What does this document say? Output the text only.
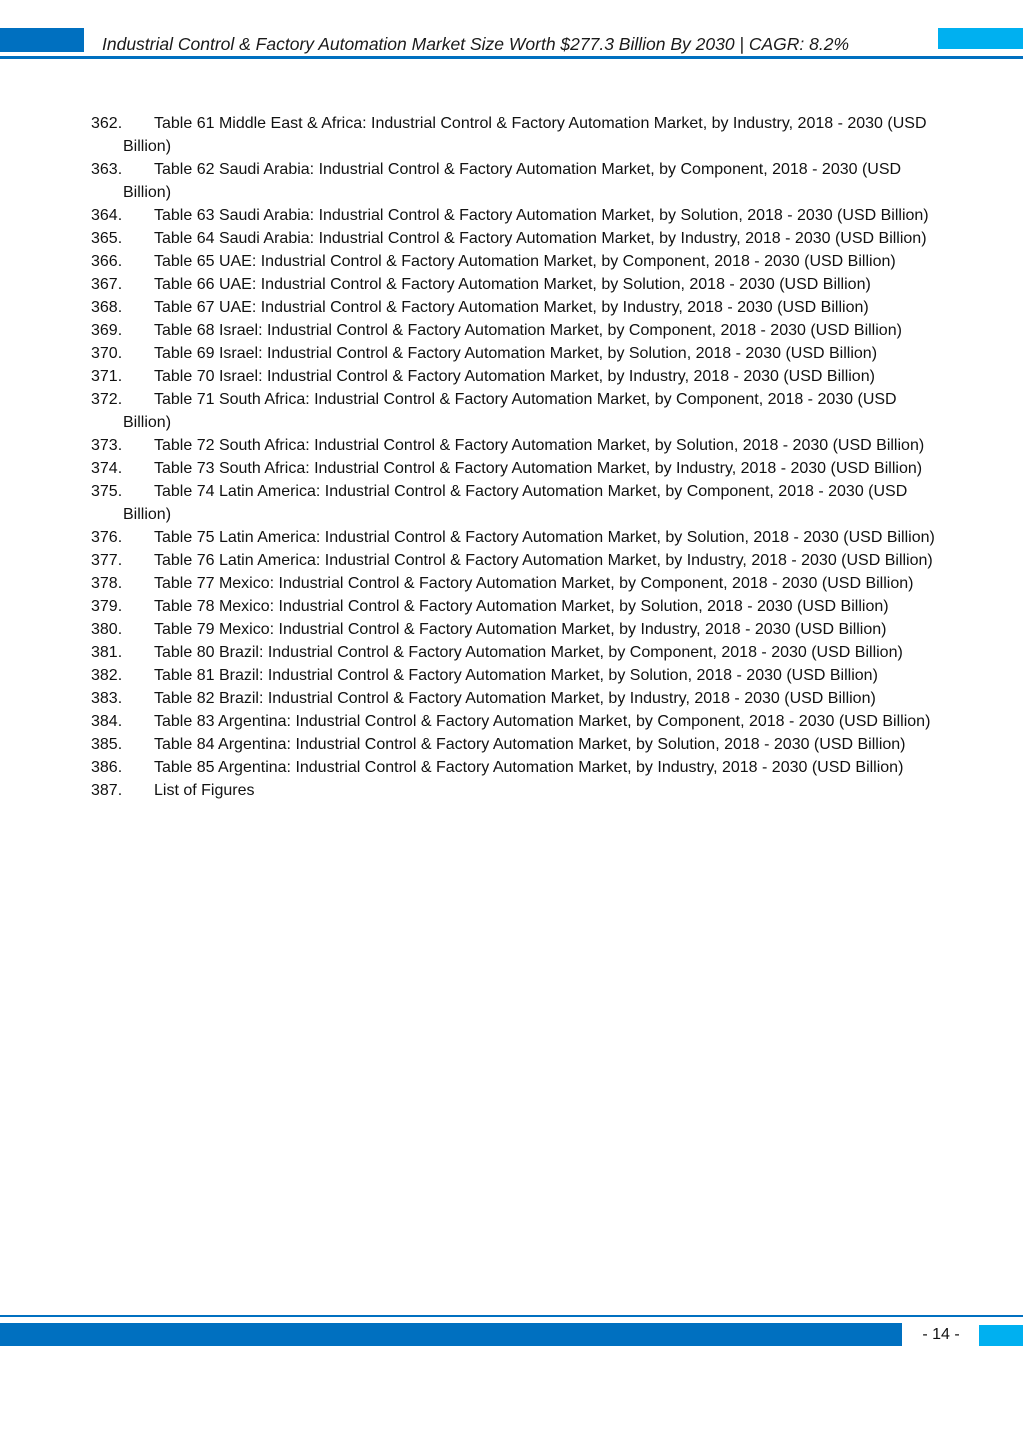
Industrial Control & Factory Automation Market Size Worth $277.3 Billion By 2030 | CAGR: 8.2%
362. Table 61 Middle East & Africa: Industrial Control & Factory Automation Market, by Industry, 2018 - 2030 (USD Billion)
363. Table 62 Saudi Arabia: Industrial Control & Factory Automation Market, by Component, 2018 - 2030 (USD Billion)
364. Table 63 Saudi Arabia: Industrial Control & Factory Automation Market, by Solution, 2018 - 2030 (USD Billion)
365. Table 64 Saudi Arabia: Industrial Control & Factory Automation Market, by Industry, 2018 - 2030 (USD Billion)
366. Table 65 UAE: Industrial Control & Factory Automation Market, by Component, 2018 - 2030 (USD Billion)
367. Table 66 UAE: Industrial Control & Factory Automation Market, by Solution, 2018 - 2030 (USD Billion)
368. Table 67 UAE: Industrial Control & Factory Automation Market, by Industry, 2018 - 2030 (USD Billion)
369. Table 68 Israel: Industrial Control & Factory Automation Market, by Component, 2018 - 2030 (USD Billion)
370. Table 69 Israel: Industrial Control & Factory Automation Market, by Solution, 2018 - 2030 (USD Billion)
371. Table 70 Israel: Industrial Control & Factory Automation Market, by Industry, 2018 - 2030 (USD Billion)
372. Table 71 South Africa: Industrial Control & Factory Automation Market, by Component, 2018 - 2030 (USD Billion)
373. Table 72 South Africa: Industrial Control & Factory Automation Market, by Solution, 2018 - 2030 (USD Billion)
374. Table 73 South Africa: Industrial Control & Factory Automation Market, by Industry, 2018 - 2030 (USD Billion)
375. Table 74 Latin America: Industrial Control & Factory Automation Market, by Component, 2018 - 2030 (USD Billion)
376. Table 75 Latin America: Industrial Control & Factory Automation Market, by Solution, 2018 - 2030 (USD Billion)
377. Table 76 Latin America: Industrial Control & Factory Automation Market, by Industry, 2018 - 2030 (USD Billion)
378. Table 77 Mexico: Industrial Control & Factory Automation Market, by Component, 2018 - 2030 (USD Billion)
379. Table 78 Mexico: Industrial Control & Factory Automation Market, by Solution, 2018 - 2030 (USD Billion)
380. Table 79 Mexico: Industrial Control & Factory Automation Market, by Industry, 2018 - 2030 (USD Billion)
381. Table 80 Brazil: Industrial Control & Factory Automation Market, by Component, 2018 - 2030 (USD Billion)
382. Table 81 Brazil: Industrial Control & Factory Automation Market, by Solution, 2018 - 2030 (USD Billion)
383. Table 82 Brazil: Industrial Control & Factory Automation Market, by Industry, 2018 - 2030 (USD Billion)
384. Table 83 Argentina: Industrial Control & Factory Automation Market, by Component, 2018 - 2030 (USD Billion)
385. Table 84 Argentina: Industrial Control & Factory Automation Market, by Solution, 2018 - 2030 (USD Billion)
386. Table 85 Argentina: Industrial Control & Factory Automation Market, by Industry, 2018 - 2030 (USD Billion)
387. List of Figures
- 14 -
